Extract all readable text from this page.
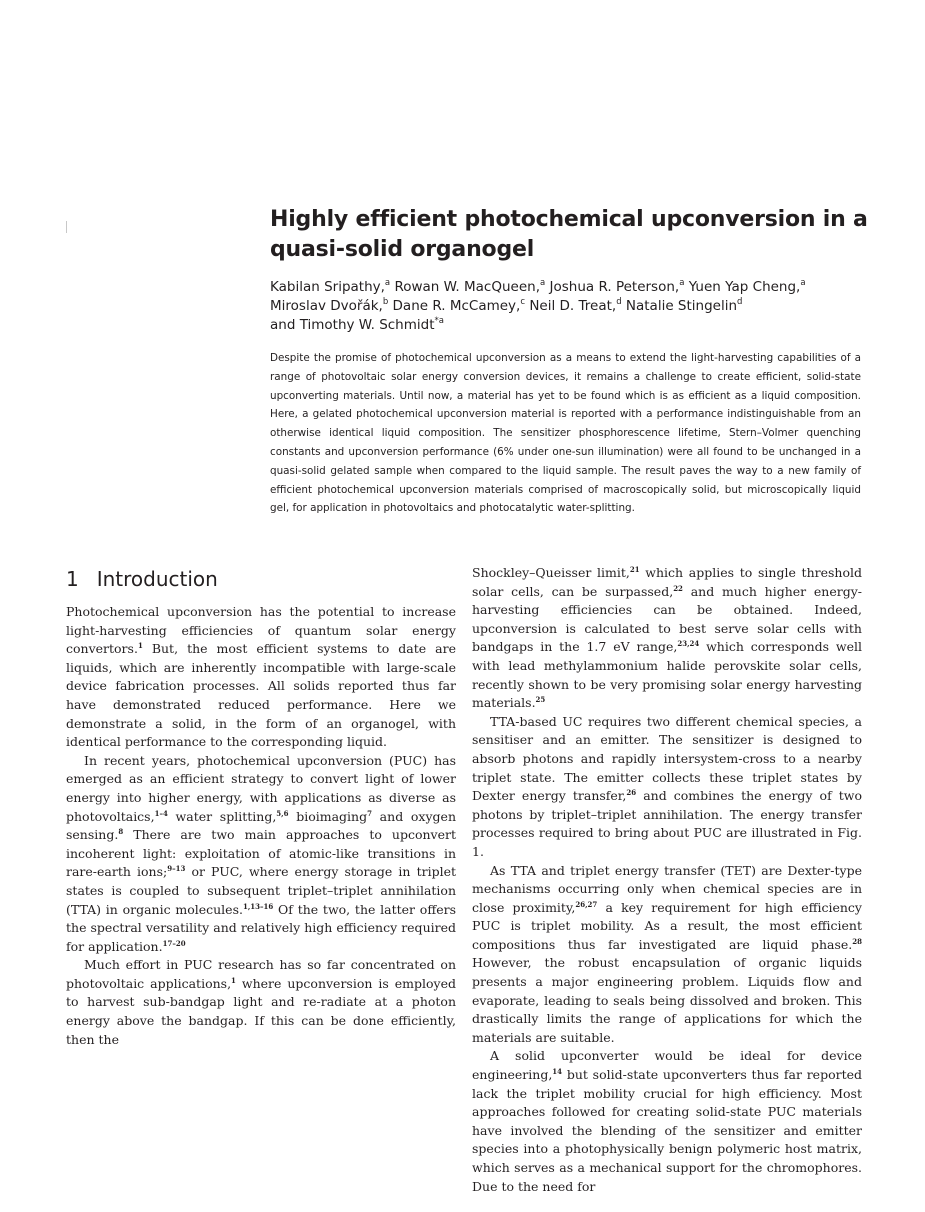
Highly efficient photochemical upconversion in a quasi-solid organogel

Kabilan Sripathy,$^a$ Rowan W. MacQueen,$^a$ Joshua R. Peterson,$^a$ Yuen Yap Cheng,$^a$
Miroslav Dvořák,$^b$ Dane R. McCamey,$^c$ Neil D. Treat,$^d$ Natalie Stingelin$^d$
and Timothy W. Schmidt$^{*a}$

Despite the promise of photochemical upconversion as a means to extend the light-harvesting capabilities of a range of photovoltaic solar energy conversion devices, it remains a challenge to create efficient, solid-state upconverting materials. Until now, a material has yet to be found which is as efficient as a liquid composition. Here, a gelated photochemical upconversion material is reported with a performance indistinguishable from an otherwise identical liquid composition. The sensitizer phosphorescence lifetime, Stern–Volmer quenching constants and upconversion performance (6% under one-sun illumination) were all found to be unchanged in a quasi-solid gelated sample when compared to the liquid sample. The result paves the way to a new family of efficient photochemical upconversion materials comprised of macroscopically solid, but microscopically liquid gel, for application in photovoltaics and photocatalytic water-splitting.

1 Introduction

Photochemical upconversion has the potential to increase light-harvesting efficiencies of quantum solar energy convertors.$^1$ But, the most efficient systems to date are liquids, which are inherently incompatible with large-scale device fabrication processes. All solids reported thus far have demonstrated reduced performance. Here we demonstrate a solid, in the form of an organogel, with identical performance to the corresponding liquid.

In recent years, photochemical upconversion (PUC) has emerged as an efficient strategy to convert light of lower energy into higher energy, with applications as diverse as photovoltaics,$^{1-4}$ water splitting,$^{5,6}$ bioimaging$^7$ and oxygen sensing.$^8$ There are two main approaches to upconvert incoherent light: exploitation of atomic-like transitions in rare-earth ions;$^{9-13}$ or PUC, where energy storage in triplet states is coupled to subsequent triplet–triplet annihilation (TTA) in organic molecules.$^{1,13-16}$ Of the two, the latter offers the spectral versatility and relatively high efficiency required for application.$^{17-20}$

Much effort in PUC research has so far concentrated on photovoltaic applications,$^1$ where upconversion is employed to harvest sub-bandgap light and re-radiate at a photon energy above the bandgap. If this can be done efficiently, then the

Shockley–Queisser limit,$^{21}$ which applies to single threshold solar cells, can be surpassed,$^{22}$ and much higher energy-harvesting efficiencies can be obtained. Indeed, upconversion is calculated to best serve solar cells with bandgaps in the 1.7 eV range,$^{23,24}$ which corresponds well with lead methylammonium halide perovskite solar cells, recently shown to be very promising solar energy harvesting materials.$^{25}$

TTA-based UC requires two different chemical species, a sensitiser and an emitter. The sensitizer is designed to absorb photons and rapidly intersystem-cross to a nearby triplet state. The emitter collects these triplet states by Dexter energy transfer,$^{26}$ and combines the energy of two photons by triplet–triplet annihilation. The energy transfer processes required to bring about PUC are illustrated in Fig. 1.

As TTA and triplet energy transfer (TET) are Dexter-type mechanisms occurring only when chemical species are in close proximity,$^{26,27}$ a key requirement for high efficiency PUC is triplet mobility. As a result, the most efficient compositions thus far investigated are liquid phase.$^{28}$ However, the robust encapsulation of organic liquids presents a major engineering problem. Liquids flow and evaporate, leading to seals being dissolved and broken. This drastically limits the range of applications for which the materials are suitable.

A solid upconverter would be ideal for device engineering,$^{14}$ but solid-state upconverters thus far reported lack the triplet mobility crucial for high efficiency. Most approaches followed for creating solid-state PUC materials have involved the blending of the sensitizer and emitter species into a photophysically benign polymeric host matrix, which serves as a mechanical support for the chromophores. Due to the need for
